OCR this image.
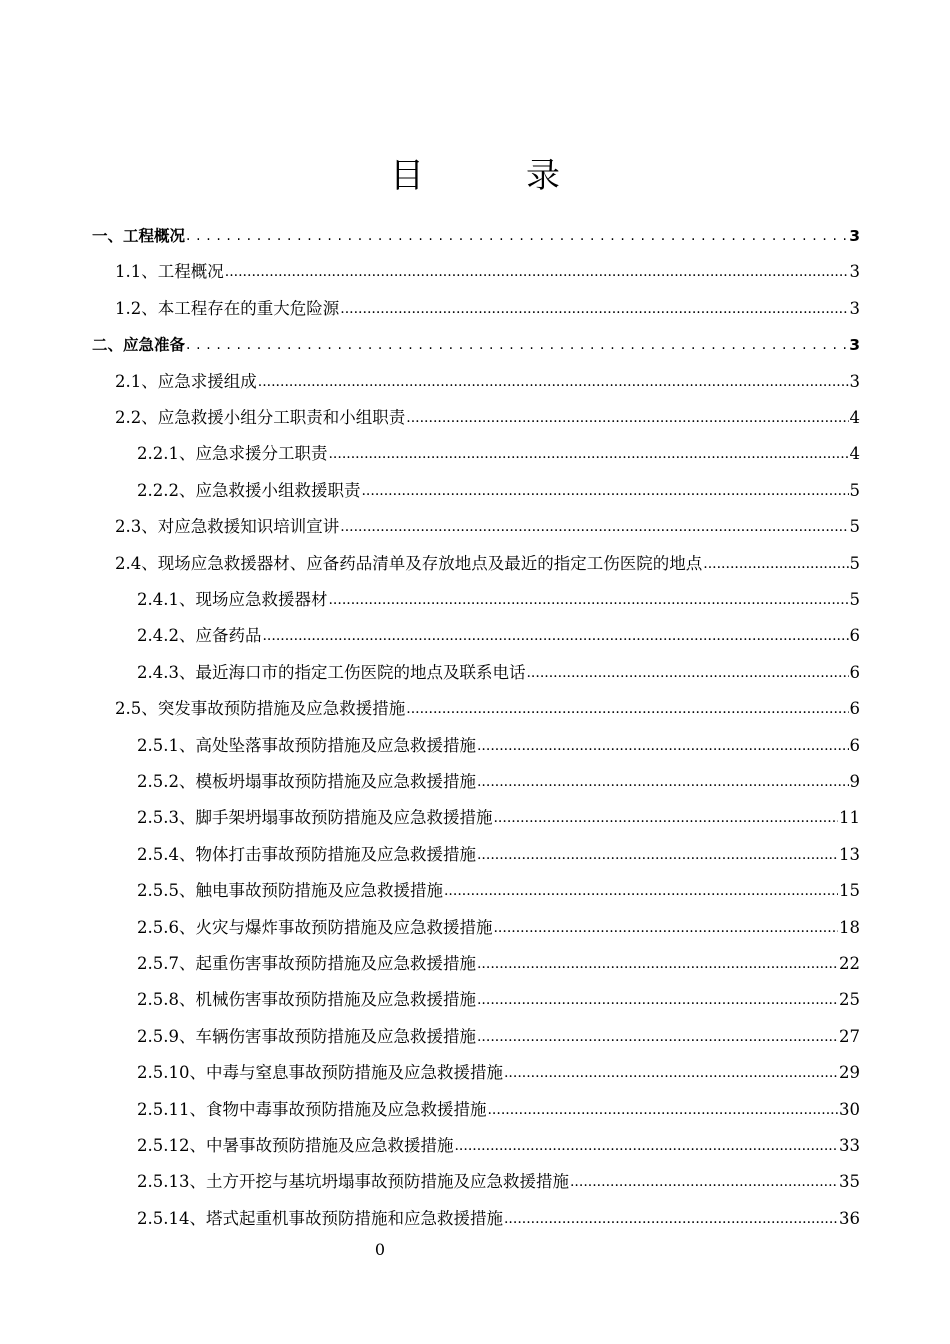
目　录
一、工程概况 . . .	3
1.1、工程概况 .....	3
1.2、本工程存在的重大危险源 .....	3
二、应急准备 . . .	3
2.1、应急求援组成 .....	3
2.2、应急救援小组分工职责和小组职责 .....	4
2.2.1、应急求援分工职责 .....	4
2.2.2、应急救援小组救援职责 .....	5
2.3、对应急救援知识培训宣讲 .....	5
2.4、现场应急救援器材、应备药品清单及存放地点及最近的指定工伤医院的地点 .....	5
2.4.1、现场应急救援器材 .....	5
2.4.2、应备药品 .....	6
2.4.3、最近海口市的指定工伤医院的地点及联系电话 .....	6
2.5、突发事故预防措施及应急救援措施 .....	6
2.5.1、高处坠落事故预防措施及应急救援措施 .....	6
2.5.2、模板坍塌事故预防措施及应急救援措施 .....	9
2.5.3、脚手架坍塌事故预防措施及应急救援措施 .....	11
2.5.4、物体打击事故预防措施及应急救援措施 .....	13
2.5.5、触电事故预防措施及应急救援措施 .....	15
2.5.6、火灾与爆炸事故预防措施及应急救援措施 .....	18
2.5.7、起重伤害事故预防措施及应急救援措施 .....	22
2.5.8、机械伤害事故预防措施及应急救援措施 .....	25
2.5.9、车辆伤害事故预防措施及应急救援措施 .....	27
2.5.10、中毒与窒息事故预防措施及应急救援措施 .....	29
2.5.11、食物中毒事故预防措施及应急救援措施 .....	30
2.5.12、中暑事故预防措施及应急救援措施 .....	33
2.5.13、土方开挖与基坑坍塌事故预防措施及应急救援措施 .....	35
2.5.14、塔式起重机事故预防措施和应急救援措施 .....	36
0
